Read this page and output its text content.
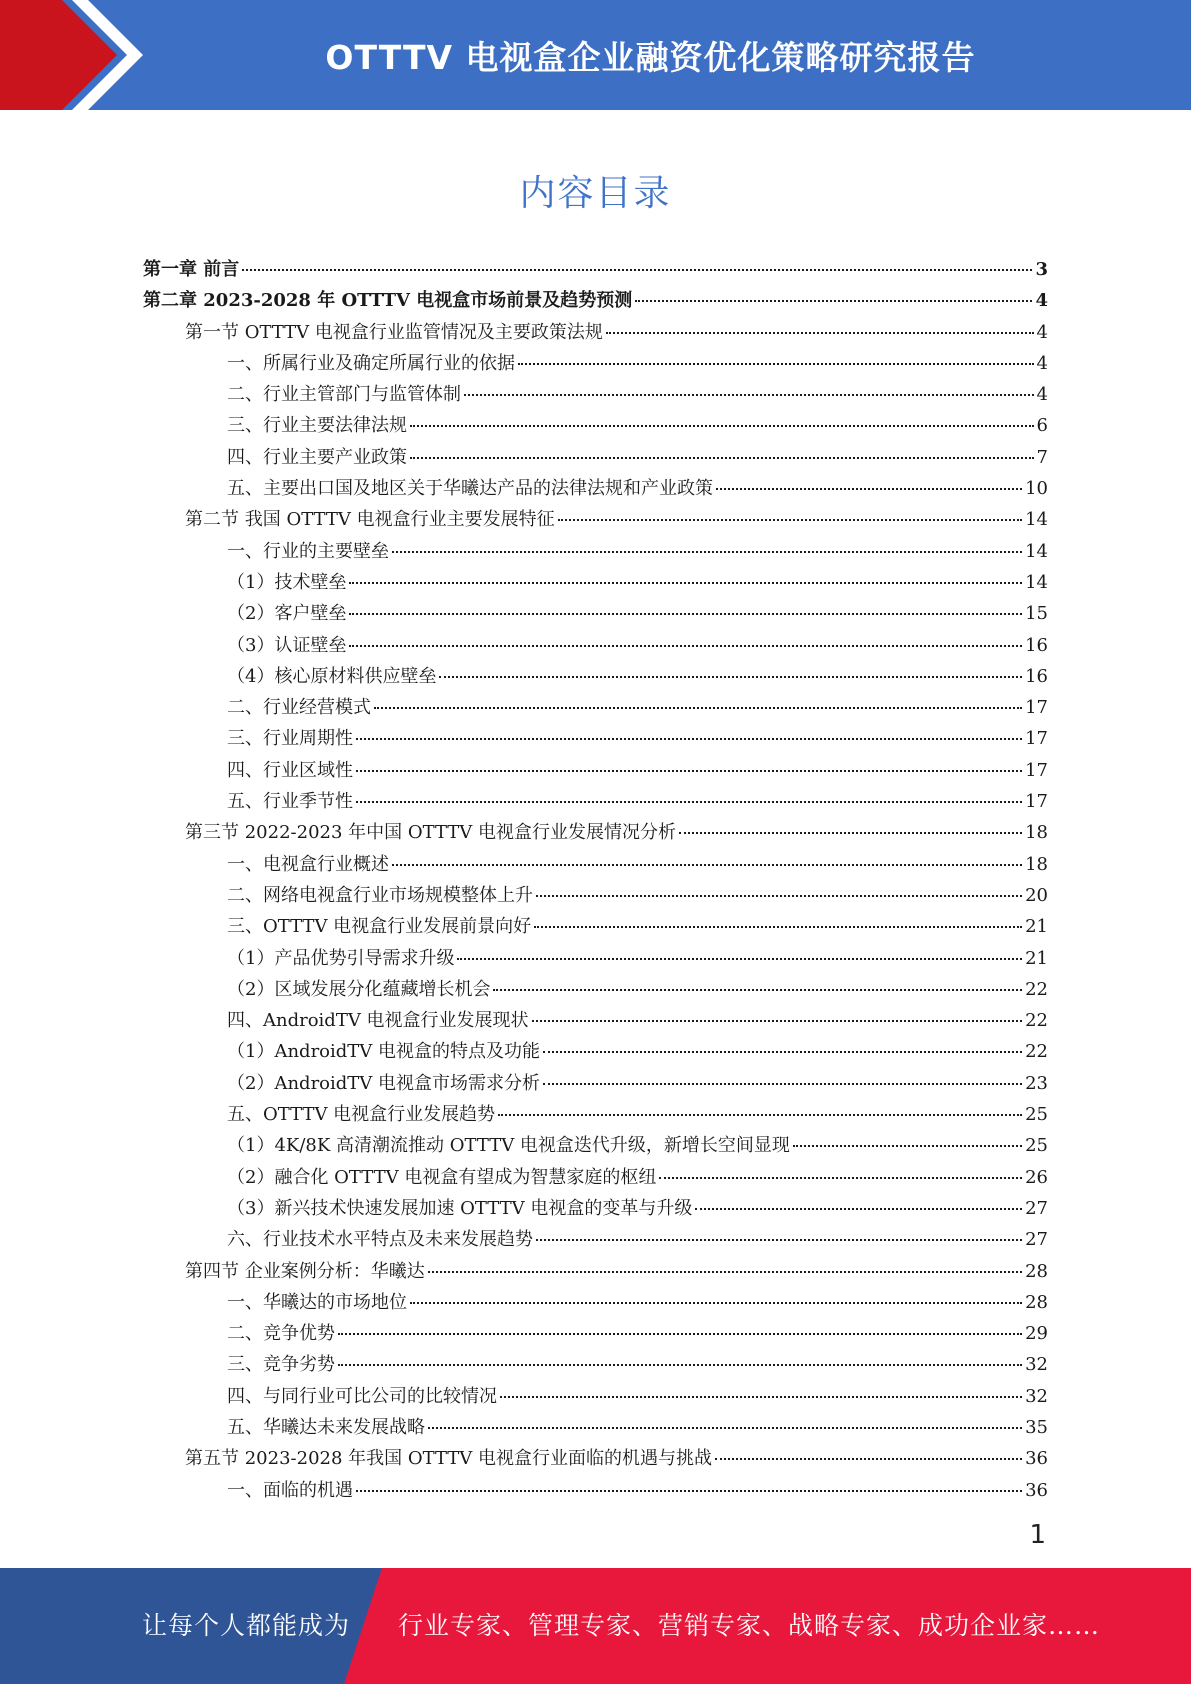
OTTTV 电视盒企业融资优化策略研究报告
内容目录
第一章 前言	3
第二章 2023-2028 年 OTTTV 电视盒市场前景及趋势预测	4
第一节 OTTTV 电视盒行业监管情况及主要政策法规	4
一、所属行业及确定所属行业的依据	4
二、行业主管部门与监管体制	4
三、行业主要法律法规	6
四、行业主要产业政策	7
五、主要出口国及地区关于华曦达产品的法律法规和产业政策	10
第二节 我国 OTTTV 电视盒行业主要发展特征	14
一、行业的主要壁垒	14
（1）技术壁垒	14
（2）客户壁垒	15
（3）认证壁垒	16
（4）核心原材料供应壁垒	16
二、行业经营模式	17
三、行业周期性	17
四、行业区域性	17
五、行业季节性	17
第三节 2022-2023 年中国 OTTTV 电视盒行业发展情况分析	18
一、电视盒行业概述	18
二、网络电视盒行业市场规模整体上升	20
三、OTTTV 电视盒行业发展前景向好	21
（1）产品优势引导需求升级	21
（2）区域发展分化蕴藏增长机会	22
四、AndroidTV 电视盒行业发展现状	22
（1）AndroidTV 电视盒的特点及功能	22
（2）AndroidTV 电视盒市场需求分析	23
五、OTTTV 电视盒行业发展趋势	25
（1）4K/8K 高清潮流推动 OTTTV 电视盒迭代升级，新增长空间显现	25
（2）融合化 OTTTV 电视盒有望成为智慧家庭的枢纽	26
（3）新兴技术快速发展加速 OTTTV 电视盒的变革与升级	27
六、行业技术水平特点及未来发展趋势	27
第四节 企业案例分析：华曦达	28
一、华曦达的市场地位	28
二、竞争优势	29
三、竞争劣势	32
四、与同行业可比公司的比较情况	32
五、华曦达未来发展战略	35
第五节 2023-2028 年我国 OTTTV 电视盒行业面临的机遇与挑战	36
一、面临的机遇	36
1
让每个人都能成为 行业专家、管理专家、营销专家、战略专家、成功企业家……
